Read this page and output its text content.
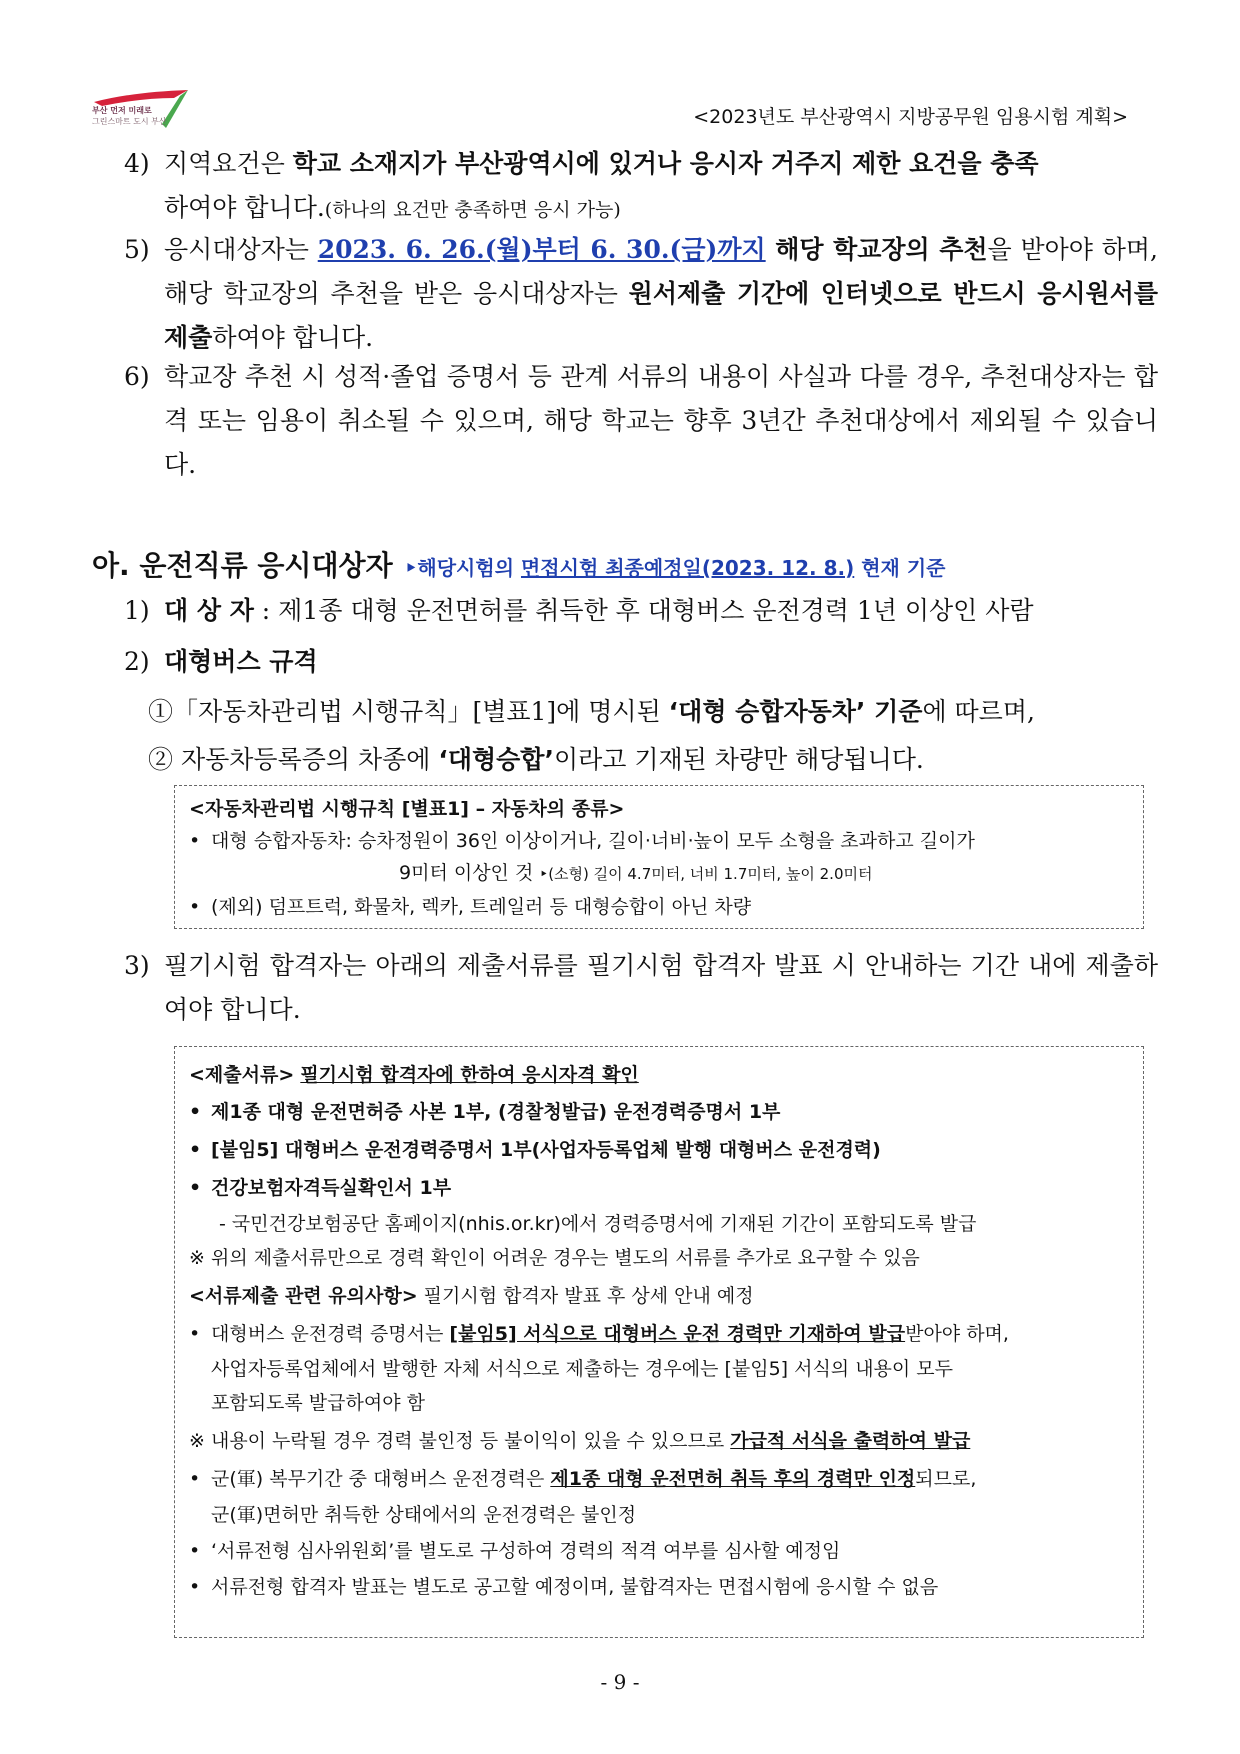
부산 먼저 미래로
그린스마트 도시 부산	<2023년도 부산광역시 지방공무원 임용시험 계획>
4) 지역요건은 학교 소재지가 부산광역시에 있거나 응시자 거주지 제한 요건을 충족
하여야 합니다.(하나의 요건만 충족하면 응시 가능)
5) 응시대상자는 2023. 6. 26.(월)부터 6. 30.(금)까지 해당 학교장의 추천을 받아야 하며, 해당 학교장의 추천을 받은 응시대상자는 원서제출 기간에 인터넷으로 반드시 응시원서를 제출하여야 합니다.
6) 학교장 추천 시 성적·졸업 증명서 등 관계 서류의 내용이 사실과 다를 경우, 추천대상자는 합격 또는 임용이 취소될 수 있으며, 해당 학교는 향후 3년간 추천대상에서 제외될 수 있습니다.
아. 운전직류 응시대상자 ‣해당시험의 면접시험 최종예정일(2023. 12. 8.) 현재 기준
1) 대 상 자 : 제1종 대형 운전면허를 취득한 후 대형버스 운전경력 1년 이상인 사람
2) 대형버스 규격
①「자동차관리법 시행규칙」[별표1]에 명시된 ‘대형 승합자동차’ 기준에 따르며,
② 자동차등록증의 차종에 ‘대형승합’이라고 기재된 차량만 해당됩니다.
<자동차관리법 시행규칙 [별표1] – 자동차의 종류>
• 대형 승합자동차: 승차정원이 36인 이상이거나, 길이·너비·높이 모두 소형을 초과하고 길이가
9미터 이상인 것 ‣(소형) 길이 4.7미터, 너비 1.7미터, 높이 2.0미터
• (제외) 덤프트럭, 화물차, 렉카, 트레일러 등 대형승합이 아닌 차량
3) 필기시험 합격자는 아래의 제출서류를 필기시험 합격자 발표 시 안내하는 기간 내에 제출하여야 합니다.
<제출서류> 필기시험 합격자에 한하여 응시자격 확인
• 제1종 대형 운전면허증 사본 1부, (경찰청발급) 운전경력증명서 1부
• [붙임5] 대형버스 운전경력증명서 1부(사업자등록업체 발행 대형버스 운전경력)
• 건강보험자격득실확인서 1부
- 국민건강보험공단 홈페이지(nhis.or.kr)에서 경력증명서에 기재된 기간이 포함되도록 발급
※ 위의 제출서류만으로 경력 확인이 어려운 경우는 별도의 서류를 추가로 요구할 수 있음
<서류제출 관련 유의사항> 필기시험 합격자 발표 후 상세 안내 예정
• 대형버스 운전경력 증명서는 [붙임5] 서식으로 대형버스 운전 경력만 기재하여 발급받아야 하며,
사업자등록업체에서 발행한 자체 서식으로 제출하는 경우에는 [붙임5] 서식의 내용이 모두
포함되도록 발급하여야 함
※ 내용이 누락될 경우 경력 불인정 등 불이익이 있을 수 있으므로 가급적 서식을 출력하여 발급
• 군(軍) 복무기간 중 대형버스 운전경력은 제1종 대형 운전면허 취득 후의 경력만 인정되므로,
군(軍)면허만 취득한 상태에서의 운전경력은 불인정
• ‘서류전형 심사위원회’를 별도로 구성하여 경력의 적격 여부를 심사할 예정임
• 서류전형 합격자 발표는 별도로 공고할 예정이며, 불합격자는 면접시험에 응시할 수 없음
- 9 -
